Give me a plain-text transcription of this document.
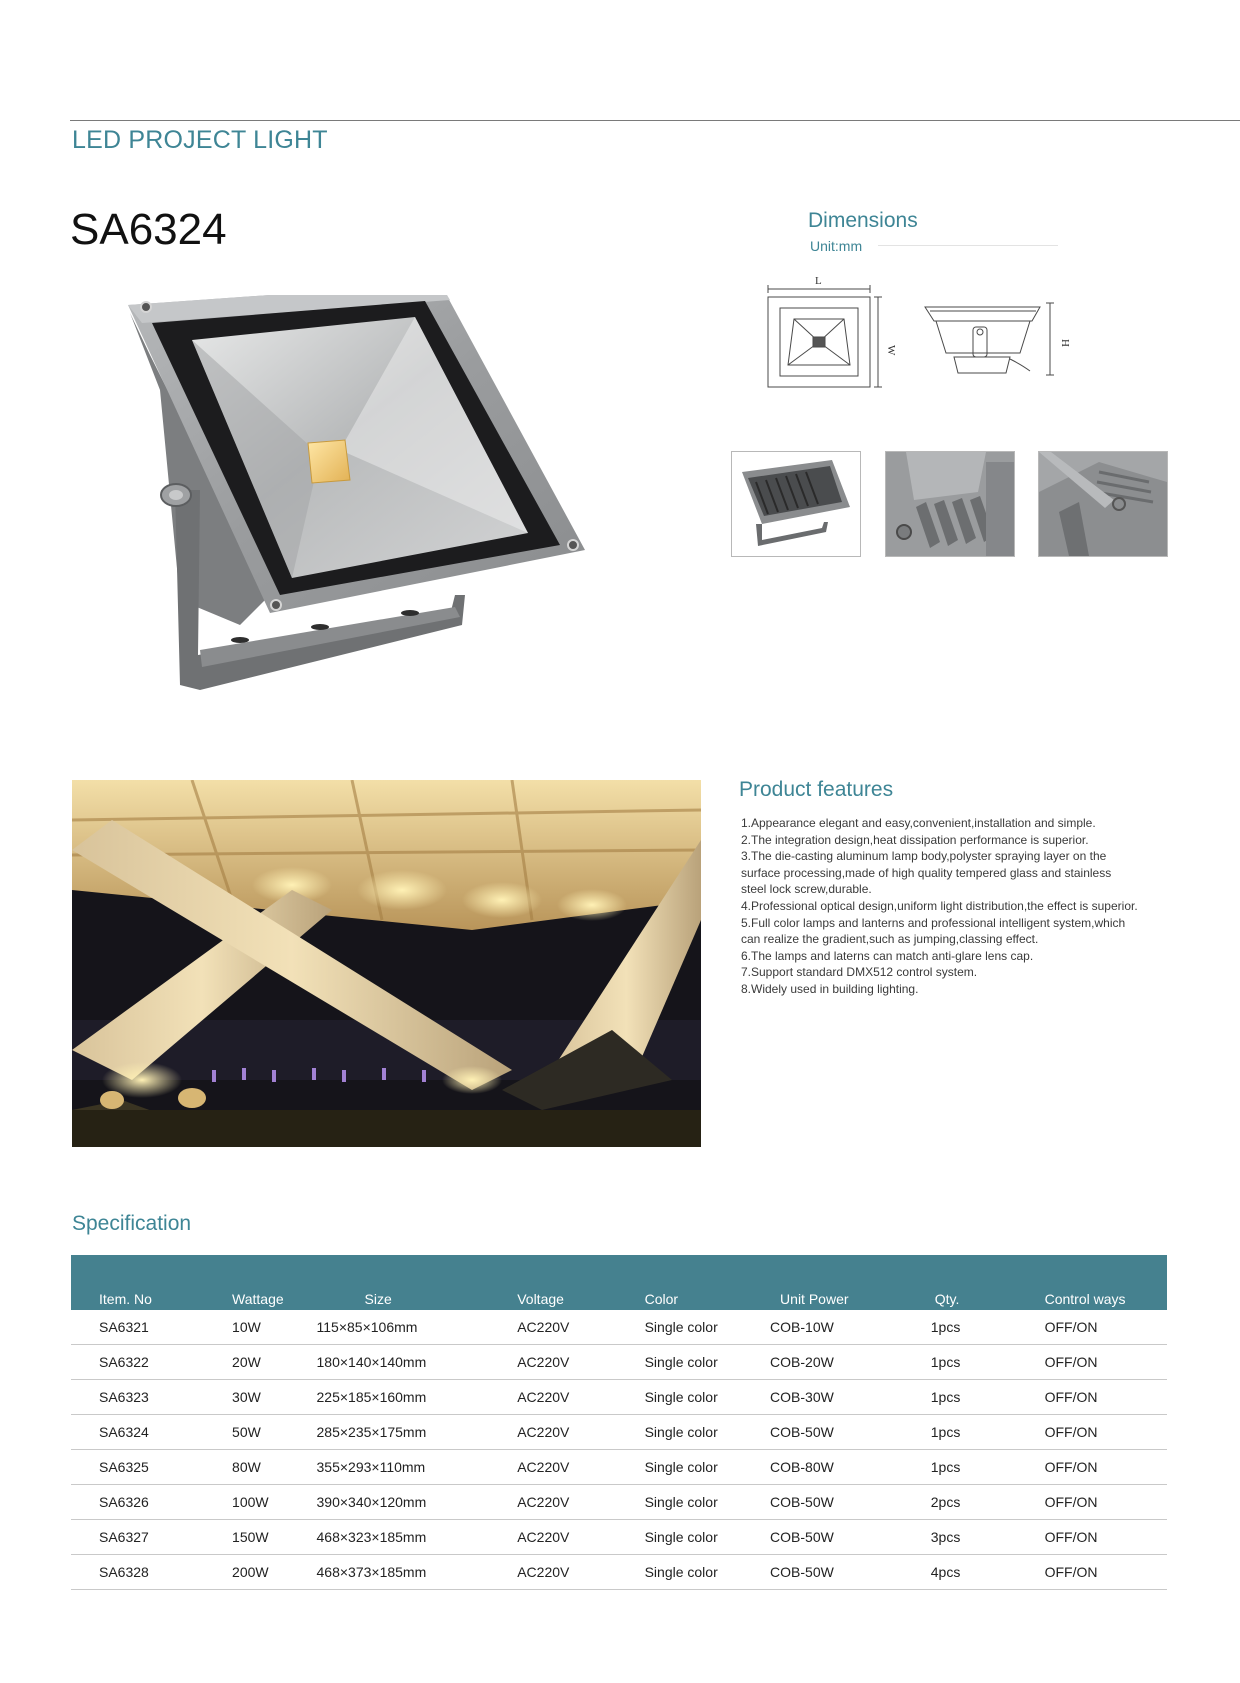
LED PROJECT LIGHT
SA6324	Dimensions
Unit:mm
L
W
H
Product features
1.Appearance elegant and easy,convenient,installation and simple.
2.The integration design,heat dissipation performance is superior.
3.The die-casting aluminum lamp body,polyster spraying layer on the
surface processing,made of high quality tempered glass and stainless
steel lock screw,durable.
4.Professional optical design,uniform light distribution,the effect is superior.
5.Full color lamps and lanterns and professional intelligent system,which
can realize the gradient,such as jumping,classing effect.
6.The lamps and laterns can match anti-glare lens cap.
7.Support standard DMX512 control system.
8.Widely used in building lighting.
Specification
Item. No	Wattage	Size	Voltage	Color	Unit Power	Qty.	Control ways
SA6321	10W	115×85×106mm	AC220V	Single color	COB-10W	1pcs	OFF/ON
SA6322	20W	180×140×140mm	AC220V	Single color	COB-20W	1pcs	OFF/ON
SA6323	30W	225×185×160mm	AC220V	Single color	COB-30W	1pcs	OFF/ON
SA6324	50W	285×235×175mm	AC220V	Single color	COB-50W	1pcs	OFF/ON
SA6325	80W	355×293×110mm	AC220V	Single color	COB-80W	1pcs	OFF/ON
SA6326	100W	390×340×120mm	AC220V	Single color	COB-50W	2pcs	OFF/ON
SA6327	150W	468×323×185mm	AC220V	Single color	COB-50W	3pcs	OFF/ON
SA6328	200W	468×373×185mm	AC220V	Single color	COB-50W	4pcs	OFF/ON
